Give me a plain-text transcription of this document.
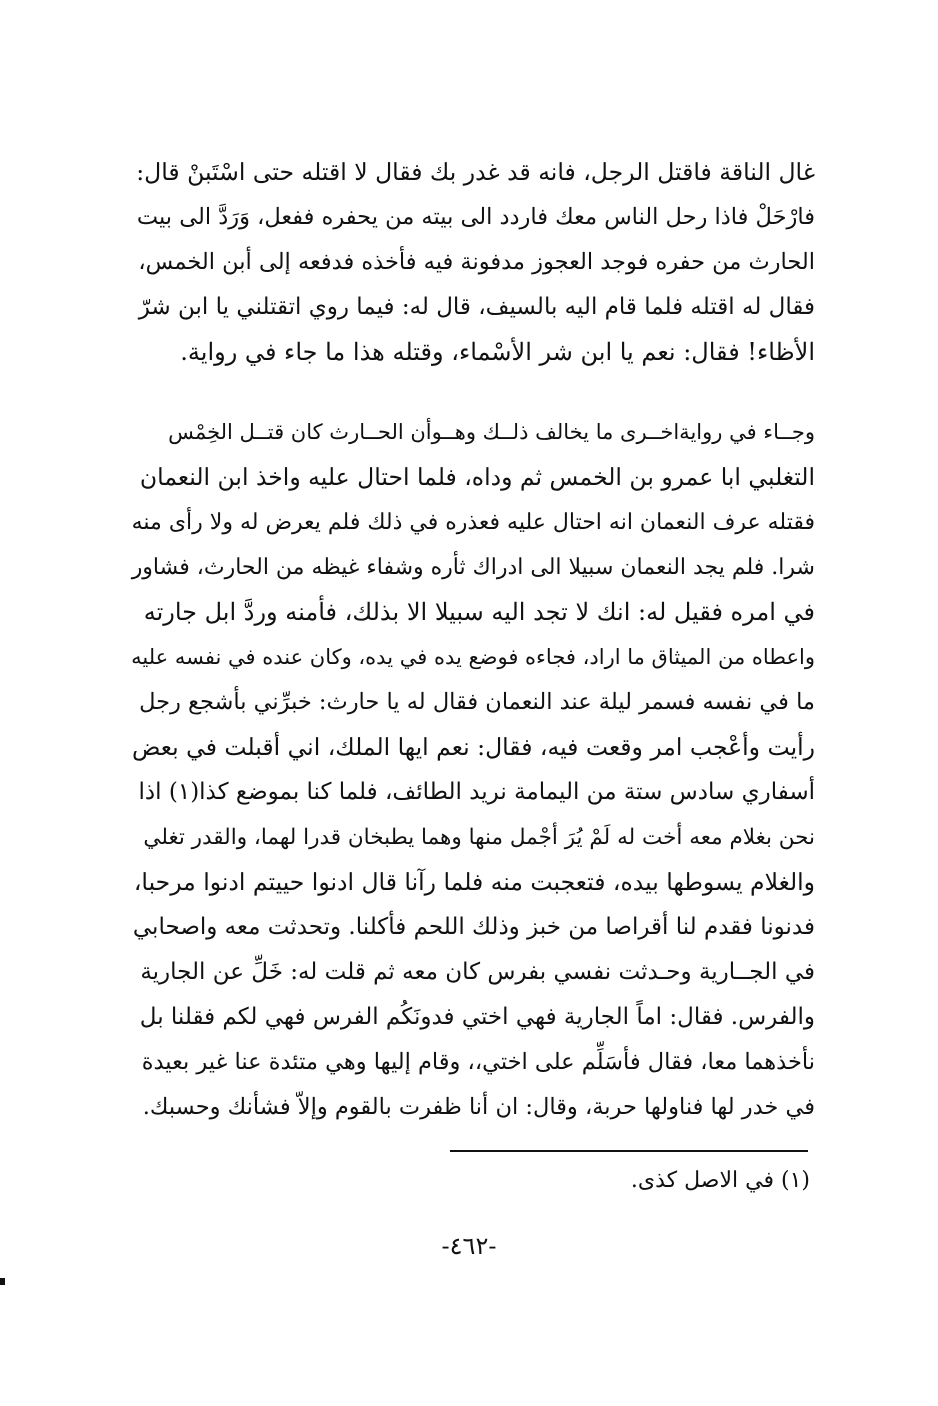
غال الناقة فاقتل الرجل، فانه قد غدر بك فقال لا اقتله حتى اسْتَبنْ قال:
فارْحَلْ فاذا رحل الناس معك فاردد الى بيته من يحفره ففعل، وَرَدَّ الى بيت
الحارث من حفره فوجد العجوز مدفونة فيه فأخذه فدفعه إلى أبن الخمس،
فقال له اقتله فلما قام اليه بالسيف، قال له: فيما روي اتقتلني يا ابن شرّ
الأظاء! فقال: نعم يا ابن شر الأسْماء، وقتله هذا ما جاء في رواية.
وجــاء في روايةاخــرى ما يخالف ذلــك وهــوأن الحــارث كان قتــل الخِمْس
التغلبي ابا عمرو بن الخمس ثم وداه، فلما احتال عليه واخذ ابن النعمان
فقتله عرف النعمان انه احتال عليه فعذره في ذلك فلم يعرض له ولا رأى منه
شرا. فلم يجد النعمان سبيلا الى ادراك ثأره وشفاء غيظه من الحارث، فشاور
في امره فقيل له: انك لا تجد اليه سبيلا الا بذلك، فأمنه وردَّ ابل جارته
واعطاه من الميثاق ما اراد، فجاءه فوضع يده في يده، وكان عنده في نفسه عليه
ما في نفسه فسمر ليلة عند النعمان فقال له يا حارث: خبرِّني بأشجع رجل
رأيت وأعْجب امر وقعت فيه، فقال: نعم ايها الملك، اني أقبلت في بعض
أسفاري سادس ستة من اليمامة نريد الطائف، فلما كنا بموضع كذا(١) اذا
نحن بغلام معه أخت له لَمْ يُرَ أجْمل منها وهما يطبخان قدرا لهما، والقدر تغلي
والغلام يسوطها بيده، فتعجبت منه فلما رآنا قال ادنوا حييتم ادنوا مرحبا،
فدنونا فقدم لنا أقراصا من خبز وذلك اللحم فأكلنا. وتحدثت معه واصحابي
في الجــارية وحـدثت نفسي بفرس كان معه ثم قلت له: خَلِّ عن الجارية
والفرس. فقال: اماً الجارية فهي اختي فدونَكُم الفرس فهي لكم فقلنا بل
نأخذهما معا، فقال فأسَلِّم على اختي،، وقام إليها وهي متئدة عنا غير بعيدة
في خدر لها فناولها حربة، وقال: ان أنا ظفرت بالقوم وإلاّ فشأنك وحسبك.
(١) في الاصل كذى.
-٤٦٢-
